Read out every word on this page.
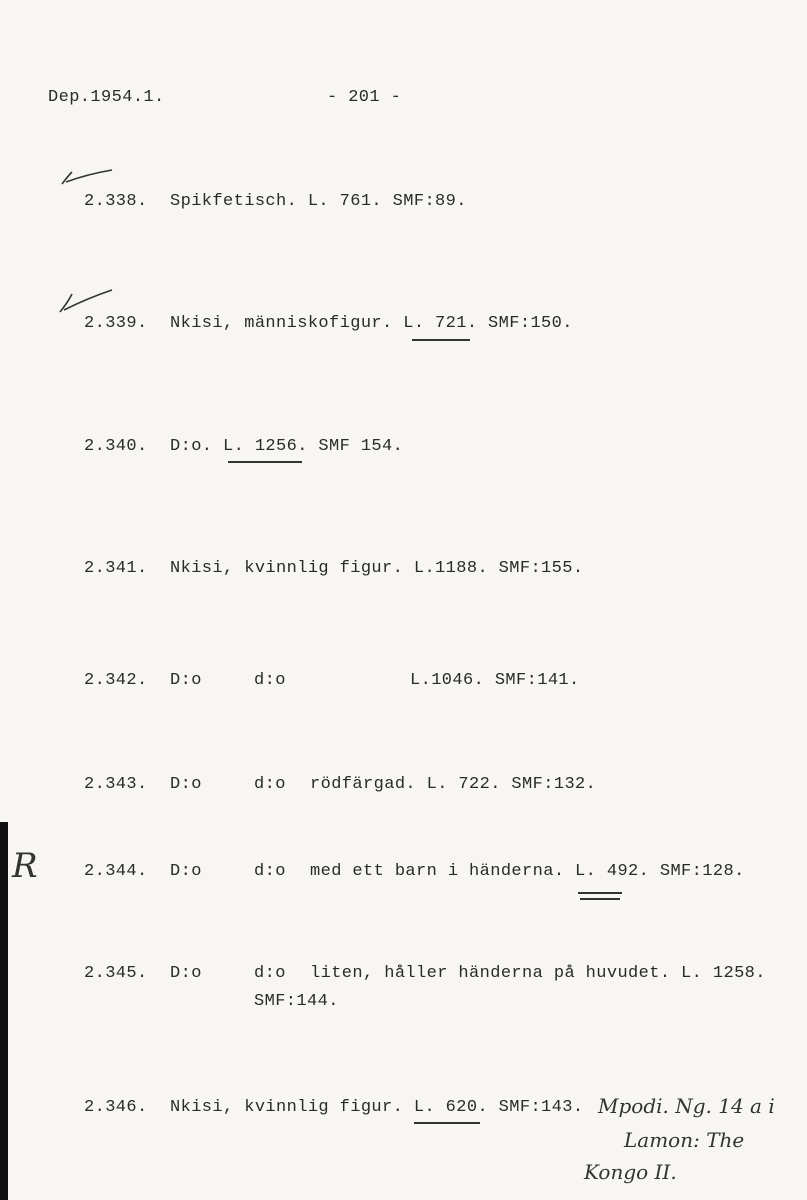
Dep.1954.1.	- 201 -
2.338. Spikfetisch. L. 761. SMF:89.
2.339. Nkisi, människofigur. L. 721. SMF:150.
2.340. D:o. L. 1256. SMF 154.
2.341. Nkisi, kvinnlig figur. L.1188. SMF:155.
2.342. D:o	d:o	L.1046. SMF:141.
2.343. D:o	d:o rödfärgad. L. 722. SMF:132.
R	2.344. D:o	d:o med ett barn i händerna. L. 492. SMF:128.
2.345. D:o	d:o liten, håller händerna på huvudet. L. 1258.
SMF:144.
2.346. Nkisi, kvinnlig figur. L. 620. SMF:143. Mpodi. Ng. 14 a i
Lamon: The
Kongo II.
